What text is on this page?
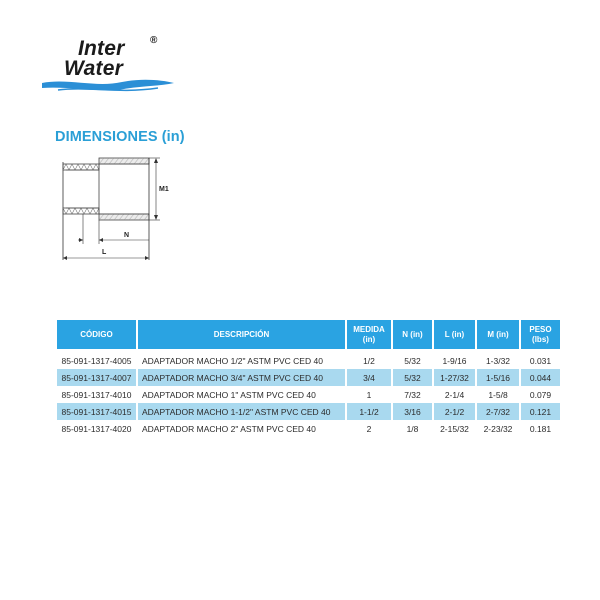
Inter	®
Water
DIMENSIONES (in)
M1
N
L
CÓDIGO	DESCRIPCIÓN	MEDIDA
(in)	N (in)	L (in)	M (in)	PESO
(lbs)
85-091-1317-4005	ADAPTADOR MACHO 1/2" ASTM PVC CED 40	1/2	5/32	1-9/16	1-3/32	0.031
85-091-1317-4007	ADAPTADOR MACHO 3/4" ASTM PVC CED 40	3/4	5/32	1-27/32	1-5/16	0.044
85-091-1317-4010	ADAPTADOR MACHO 1" ASTM PVC CED 40	1	7/32	2-1/4	1-5/8	0.079
85-091-1317-4015	ADAPTADOR MACHO 1-1/2" ASTM PVC CED 40	1-1/2	3/16	2-1/2	2-7/32	0.121
85-091-1317-4020	ADAPTADOR MACHO 2" ASTM PVC CED 40	2	1/8	2-15/32	2-23/32	0.181
